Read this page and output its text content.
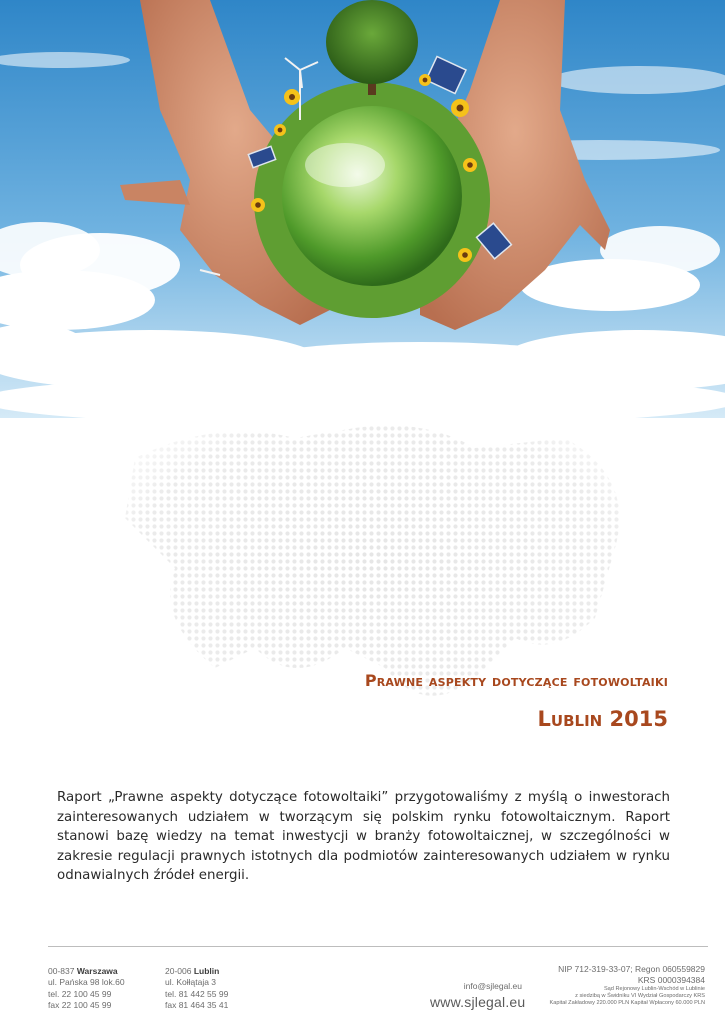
Prawne aspekty dotyczące fotowoltaiki
Lublin 2015

Raport „Prawne aspekty dotyczące fotowoltaiki” przygotowaliśmy z myślą o inwestorach zainteresowanych udziałem w tworzącym się polskim rynku fotowoltaicznym. Raport stanowi bazę wiedzy na temat inwestycji w branży fotowoltaicznej, w szczególności w zakresie regulacji prawnych istotnych dla podmiotów zainteresowanych udziałem w rynku odnawialnych źródeł energii.

00-837 Warszawa
ul. Pańska 98 lok.60
tel. 22 100 45 99
fax 22 100 45 99
20-006 Lublin
ul. Kołłątaja 3
tel. 81 442 55 99
fax 81 464 35 41
info@sjlegal.eu
www.sjlegal.eu
NIP 712-319-33-07; Regon 060559829
KRS 0000394384
Sąd Rejonowy Lublin-Wschód w Lublinie
z siedzibą w Świdniku VI Wydział Gospodarczy KRS
Kapitał Zakładowy 220.000 PLN Kapitał Wpłacony 60.000 PLN
